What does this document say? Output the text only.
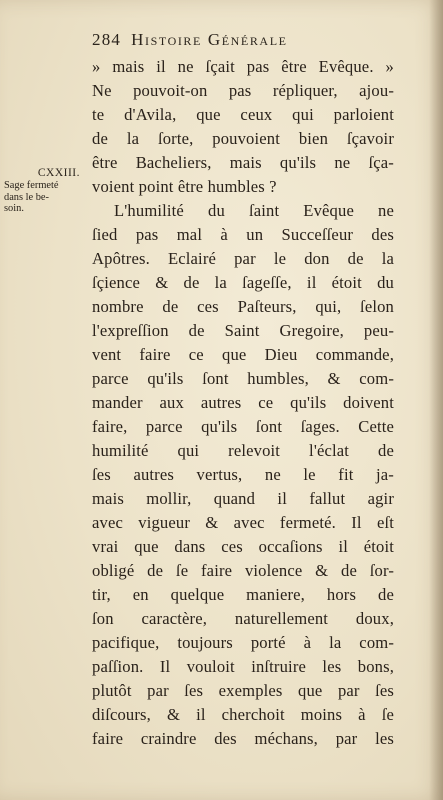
284 Histoire Générale
CXXIII.
Sage fermeté
dans le be-
soin.
» mais il ne ſçait pas être Evêque. »
Ne pouvoit-on pas répliquer, ajou-
te d'Avila, que ceux qui parloient
de la ſorte, pouvoient bien ſçavoir
être Bacheliers, mais qu'ils ne ſça-
voient point être humbles ?
L'humilité du ſaint Evêque ne
ſied pas mal à un Succeſſeur des
Apôtres. Eclairé par le don de la
ſçience & de la ſageſſe, il étoit du
nombre de ces Paſteurs, qui, ſelon
l'expreſſion de Saint Gregoire, peu-
vent faire ce que Dieu commande,
parce qu'ils ſont humbles, & com-
mander aux autres ce qu'ils doivent
faire, parce qu'ils ſont ſages. Cette
humilité qui relevoit l'éclat de
ſes autres vertus, ne le fit ja-
mais mollir, quand il fallut agir
avec vigueur & avec fermeté. Il eſt
vrai que dans ces occaſions il étoit
obligé de ſe faire violence & de ſor-
tir, en quelque maniere, hors de
ſon caractère, naturellement doux,
pacifique, toujours porté à la com-
paſſion. Il vouloit inſtruire les bons,
plutôt par ſes exemples que par ſes
diſcours, & il cherchoit moins à ſe
faire craindre des méchans, par les
